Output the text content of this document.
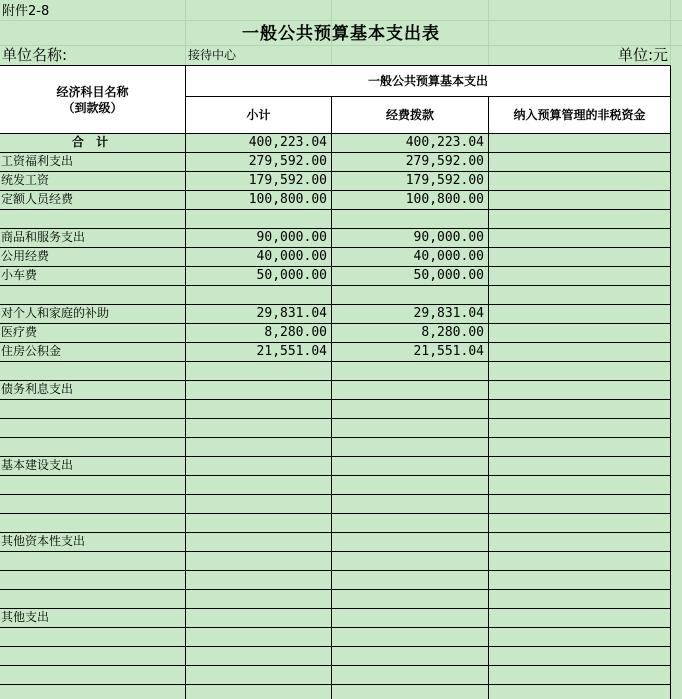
附件2-8
一般公共预算基本支出表
单位名称:	接待中心	单位:元
经济科目名称
（到款级）
一般公共预算基本支出
小计	经费拨款	纳入预算管理的非税资金
合 计	400,223.04	400,223.04
工资福利支出	279,592.00	279,592.00
统发工资	179,592.00	179,592.00
定额人员经费	100,800.00	100,800.00
商品和服务支出	90,000.00	90,000.00
公用经费	40,000.00	40,000.00
小车费	50,000.00	50,000.00
对个人和家庭的补助	29,831.04	29,831.04
医疗费	8,280.00	8,280.00
住房公积金	21,551.04	21,551.04
债务利息支出
基本建设支出
其他资本性支出
其他支出
